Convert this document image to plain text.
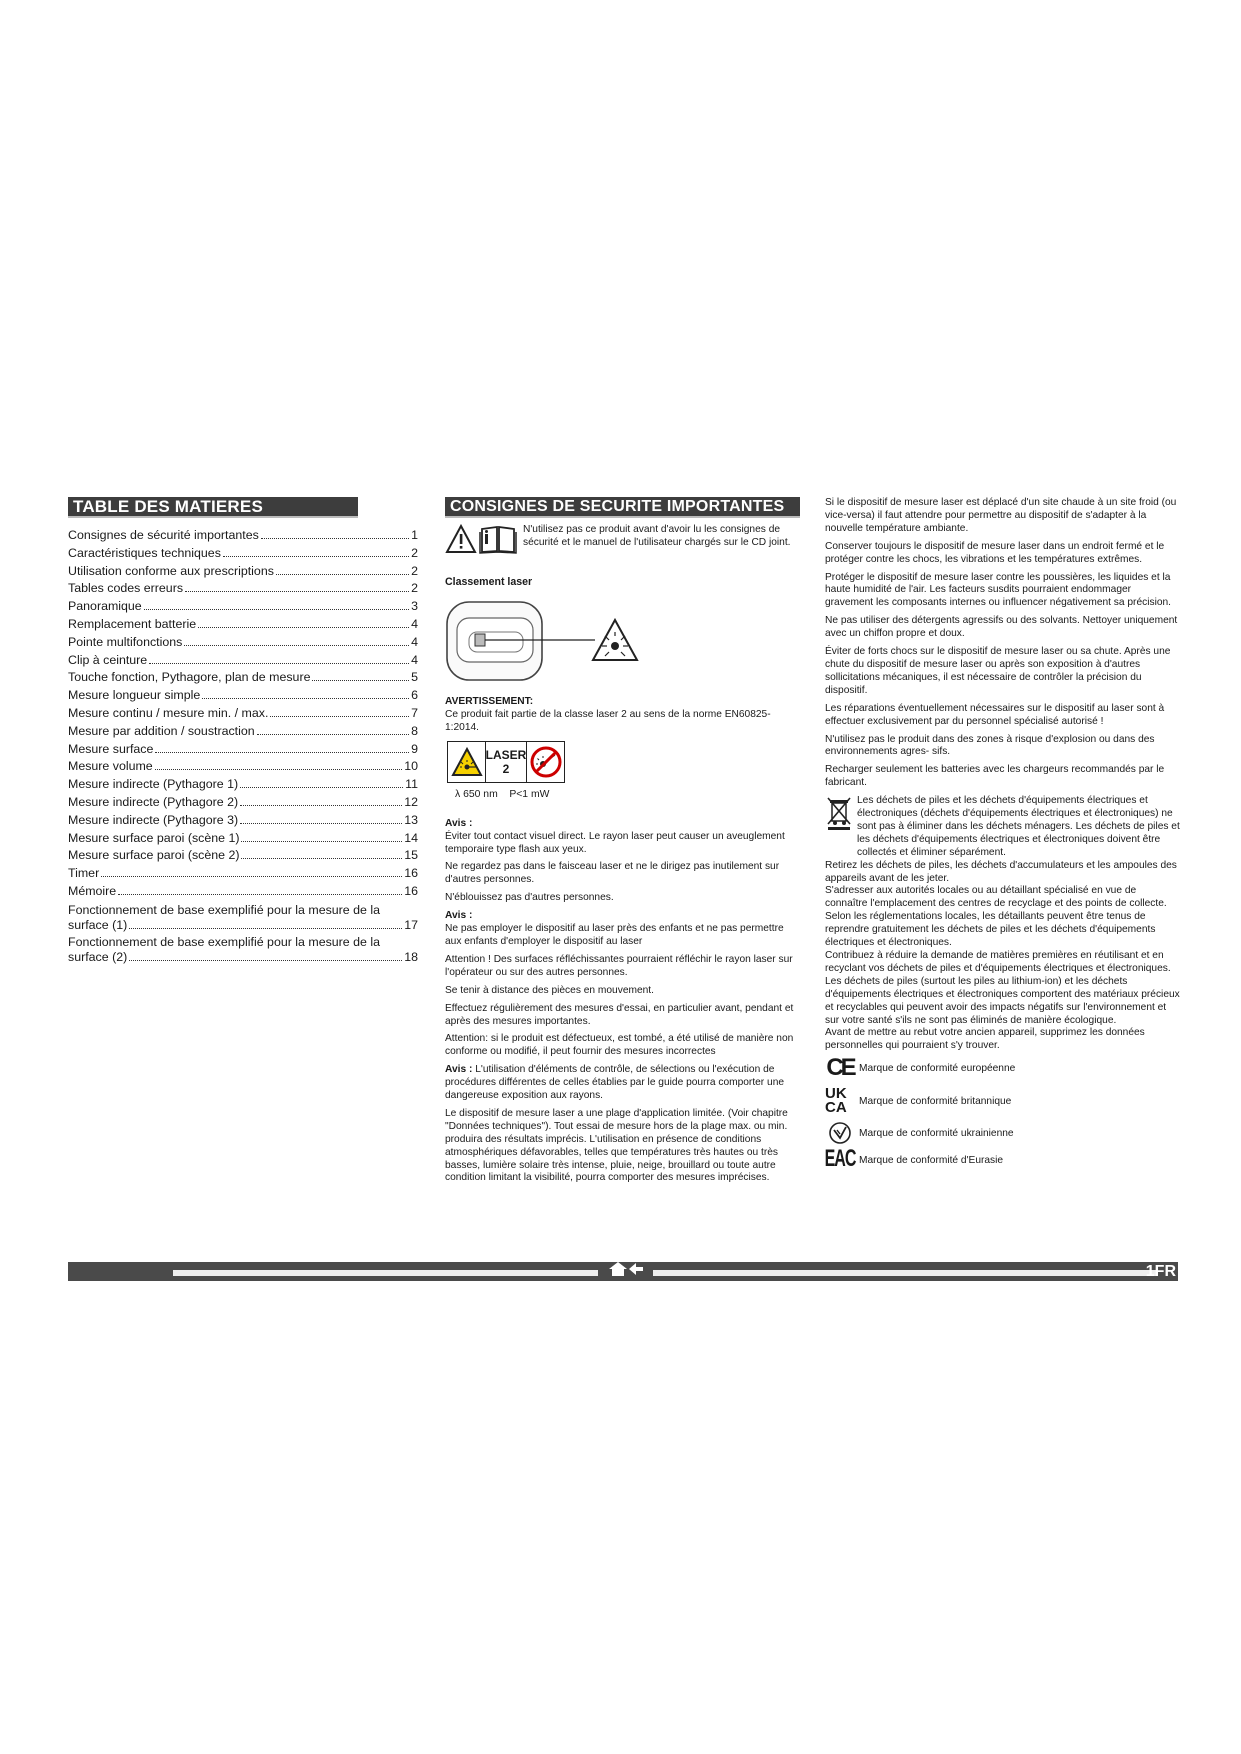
TABLE DES MATIERES
Consignes de sécurité importantes	1
Caractéristiques techniques	2
Utilisation conforme aux prescriptions	2
Tables codes erreurs	2
Panoramique	3
Remplacement batterie	4
Pointe multifonctions	4
Clip à ceinture	4
Touche fonction, Pythagore, plan de mesure	5
Mesure longueur simple	6
Mesure continu / mesure min. / max.	7
Mesure par addition / soustraction	8
Mesure surface	9
Mesure volume	10
Mesure indirecte (Pythagore 1)	11
Mesure indirecte (Pythagore 2)	12
Mesure indirecte (Pythagore 3)	13
Mesure surface paroi (scène 1)	14
Mesure surface paroi (scène 2)	15
Timer	16
Mémoire	16
Fonctionnement de base exemplifié pour la mesure de la
surface (1)	17
Fonctionnement de base exemplifié pour la mesure de la
surface (2)	18
CONSIGNES DE SECURITE IMPORTANTES

N'utilisez pas ce produit avant d'avoir lu les consignes de sécurité et le manuel de l'utilisateur chargés sur le CD joint.

Classement laser

AVERTISSEMENT:
Ce produit fait partie de la classe laser 2 au sens de la norme EN60825-1:2014.

LASER
2
λ 650 nm P<1 mW
Avis :

Éviter tout contact visuel direct. Le rayon laser peut causer un aveuglement temporaire type flash aux yeux.

Ne regardez pas dans le faisceau laser et ne le dirigez pas inutilement sur d'autres personnes.

N'éblouissez pas d'autres personnes.

Avis :

Ne pas employer le dispositif au laser près des enfants et ne pas permettre aux enfants d'employer le dispositif au laser

Attention ! Des surfaces réfléchissantes pourraient réfléchir le rayon laser sur l'opérateur ou sur des autres personnes.

Se tenir à distance des pièces en mouvement.

Effectuez régulièrement des mesures d'essai, en particulier avant, pendant et après des mesures importantes.

Attention: si le produit est défectueux, est tombé, a été utilisé de manière non conforme ou modifié, il peut fournir des mesures incorrectes

Avis : L'utilisation d'éléments de contrôle, de sélections ou l'exécution de procédures différentes de celles établies par le guide pourra comporter une dangereuse exposition aux rayons.

Le dispositif de mesure laser a une plage d'application limitée. (Voir chapitre "Données techniques"). Tout essai de mesure hors de la plage max. ou min. produira des résultats imprécis. L'utilisation en présence de conditions atmosphériques défavorables, telles que températures très hautes ou très basses, lumière solaire très intense, pluie, neige, brouillard ou toute autre condition limitant la visibilité, pourra comporter des mesures imprécises.

Si le dispositif de mesure laser est déplacé d'un site chaude à un site froid (ou vice-versa) il faut attendre pour permettre au dispositif de s'adapter à la nouvelle température ambiante.

Conserver toujours le dispositif de mesure laser dans un endroit fermé et le protéger contre les chocs, les vibrations et les températures extrêmes.

Protéger le dispositif de mesure laser contre les poussières, les liquides et la haute humidité de l'air. Les facteurs susdits pourraient endommager gravement les composants internes ou influencer négativement sa précision.

Ne pas utiliser des détergents agressifs ou des solvants. Nettoyer uniquement avec un chiffon propre et doux.

Éviter de forts chocs sur le dispositif de mesure laser ou sa chute. Après une chute du dispositif de mesure laser ou après son exposition à d'autres sollicitations mécaniques, il est nécessaire de contrôler la précision du dispositif.

Les réparations éventuellement nécessaires sur le dispositif au laser sont à effectuer exclusivement par du personnel spécialisé autorisé !

N'utilisez pas le produit dans des zones à risque d'explosion ou dans des environnements agres- sifs.

Recharger seulement les batteries avec les chargeurs recommandés par le fabricant.

Les déchets de piles et les déchets d'équipements électriques et électroniques (déchets d'équipements électriques et électroniques) ne sont pas à éliminer dans les déchets ménagers. Les déchets de piles et les déchets d'équipements électriques et électroniques doivent être collectés et éliminer séparément.

Retirez les déchets de piles, les déchets d'accumulateurs et les ampoules des appareils avant de les jeter.

S'adresser aux autorités locales ou au détaillant spécialisé en vue de connaître l'emplacement des centres de recyclage et des points de collecte.

Selon les réglementations locales, les détaillants peuvent être tenus de reprendre gratuitement les déchets de piles et les déchets d'équipements électriques et électroniques.

Contribuez à réduire la demande de matières premières en réutilisant et en recyclant vos déchets de piles et d'équipements électriques et électroniques.

Les déchets de piles (surtout les piles au lithium-ion) et les déchets d'équipements électriques et électroniques comportent des matériaux précieux et recyclables qui peuvent avoir des impacts négatifs sur l'environnement et sur votre santé s'ils ne sont pas éliminés de manière écologique.

Avant de mettre au rebut votre ancien appareil, supprimez les données personnelles qui pourraient s'y trouver.

CE Marque de conformité européenne
UK
CA	Marque de conformité britannique
Marque de conformité ukrainienne
EAC Marque de conformité d'Eurasie
1FR
